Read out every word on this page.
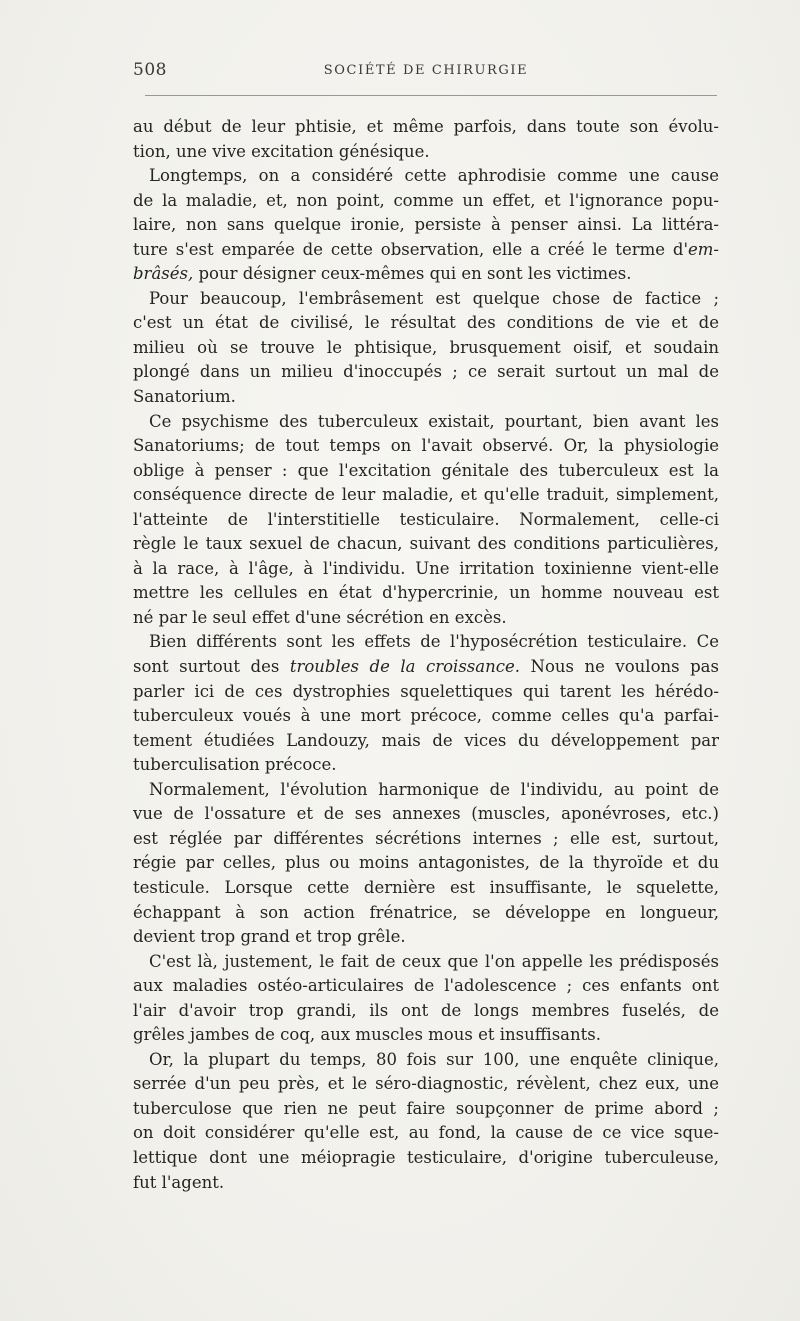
508	SOCIÉTÉ DE CHIRURGIE
au début de leur phtisie, et même parfois, dans toute son évolu-
tion, une vive excitation génésique.
Longtemps, on a considéré cette aphrodisie comme une cause
de la maladie, et, non point, comme un effet, et l'ignorance popu-
laire, non sans quelque ironie, persiste à penser ainsi. La littéra-
ture s'est emparée de cette observation, elle a créé le terme d'em-
brâsés, pour désigner ceux-mêmes qui en sont les victimes.
Pour beaucoup, l'embrâsement est quelque chose de factice ;
c'est un état de civilisé, le résultat des conditions de vie et de
milieu où se trouve le phtisique, brusquement oisif, et soudain
plongé dans un milieu d'inoccupés ; ce serait surtout un mal de
Sanatorium.
Ce psychisme des tuberculeux existait, pourtant, bien avant les
Sanatoriums; de tout temps on l'avait observé. Or, la physiologie
oblige à penser : que l'excitation génitale des tuberculeux est la
conséquence directe de leur maladie, et qu'elle traduit, simplement,
l'atteinte de l'interstitielle testiculaire. Normalement, celle-ci
règle le taux sexuel de chacun, suivant des conditions particulières,
à la race, à l'âge, à l'individu. Une irritation toxinienne vient-elle
mettre les cellules en état d'hypercrinie, un homme nouveau est
né par le seul effet d'une sécrétion en excès.
Bien différents sont les effets de l'hyposécrétion testiculaire. Ce
sont surtout des troubles de la croissance. Nous ne voulons pas
parler ici de ces dystrophies squelettiques qui tarent les hérédo-
tuberculeux voués à une mort précoce, comme celles qu'a parfai-
tement étudiées Landouzy, mais de vices du développement par
tuberculisation précoce.
Normalement, l'évolution harmonique de l'individu, au point de
vue de l'ossature et de ses annexes (muscles, aponévroses, etc.)
est réglée par différentes sécrétions internes ; elle est, surtout,
régie par celles, plus ou moins antagonistes, de la thyroïde et du
testicule. Lorsque cette dernière est insuffisante, le squelette,
échappant à son action frénatrice, se développe en longueur,
devient trop grand et trop grêle.
C'est là, justement, le fait de ceux que l'on appelle les prédisposés
aux maladies ostéo-articulaires de l'adolescence ; ces enfants ont
l'air d'avoir trop grandi, ils ont de longs membres fuselés, de
grêles jambes de coq, aux muscles mous et insuffisants.
Or, la plupart du temps, 80 fois sur 100, une enquête clinique,
serrée d'un peu près, et le séro-diagnostic, révèlent, chez eux, une
tuberculose que rien ne peut faire soupçonner de prime abord ;
on doit considérer qu'elle est, au fond, la cause de ce vice sque-
lettique dont une méiopragie testiculaire, d'origine tuberculeuse,
fut l'agent.
